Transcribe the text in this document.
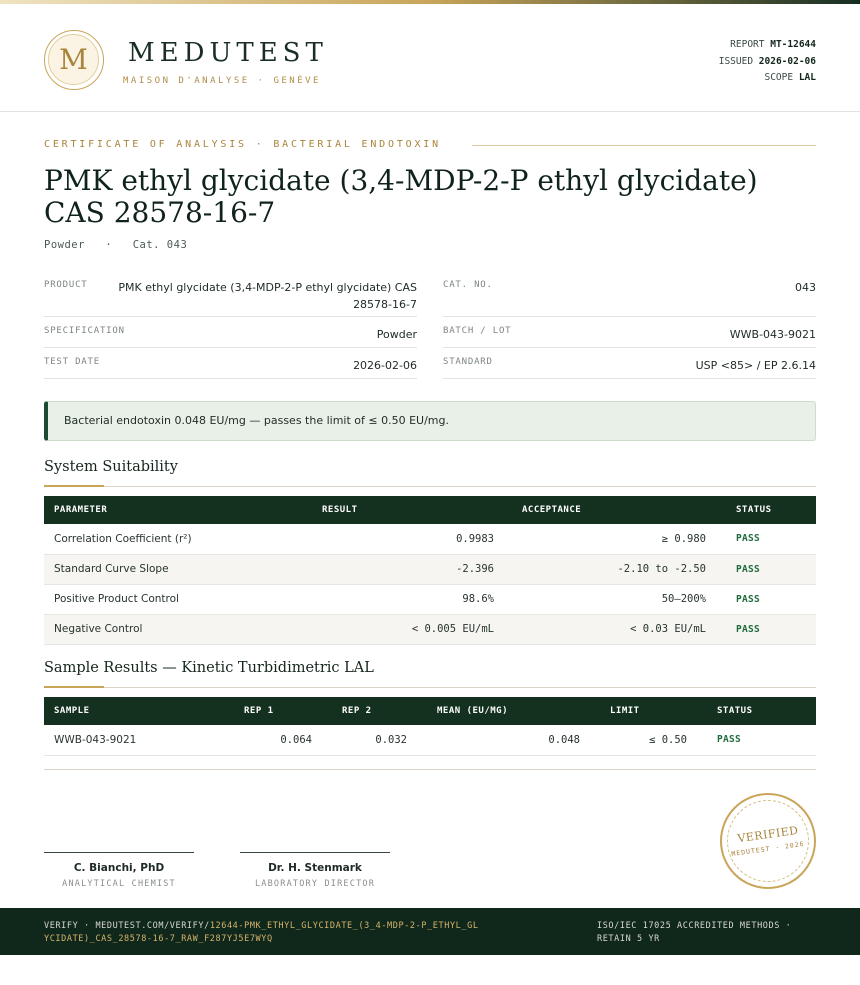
M	MEDUTEST
MAISON D'ANALYSE · GENÈVE
REPORT MT-12644
ISSUED 2026-02-06
SCOPE LAL
CERTIFICATE OF ANALYSIS · BACTERIAL ENDOTOXIN
PMK ethyl glycidate (3,4-MDP-2-P ethyl glycidate) CAS 28578-16-7
Powder · Cat. 043
PRODUCT	PMK ethyl glycidate (3,4-MDP-2-P ethyl glycidate) CAS 28578-16-7
SPECIFICATION	Powder
TEST DATE	2026-02-06
CAT. NO.	043
BATCH / LOT	WWB-043-9021
STANDARD	USP <85> / EP 2.6.14
Bacterial endotoxin 0.048 EU/mg — passes the limit of ≤ 0.50 EU/mg.
System Suitability
PARAMETER	RESULT	ACCEPTANCE	STATUS
Correlation Coefficient (r²)	0.9983	≥ 0.980	PASS
Standard Curve Slope	-2.396	-2.10 to -2.50	PASS
Positive Product Control	98.6%	50–200%	PASS
Negative Control	< 0.005 EU/mL	< 0.03 EU/mL	PASS
Sample Results — Kinetic Turbidimetric LAL
SAMPLE	REP 1	REP 2	MEAN (EU/MG)	LIMIT	STATUS
WWB-043-9021	0.064	0.032	0.048	≤ 0.50	PASS
C. Bianchi, PhD
ANALYTICAL CHEMIST
Dr. H. Stenmark
LABORATORY DIRECTOR
VERIFIED
MEDUTEST · 2026
VERIFY · MEDUTEST.COM/VERIFY/12644-PMK_ETHYL_GLYCIDATE_(3_4-MDP-2-P_ETHYL_GLYCIDATE)_CAS_28578-16-7_RAW_F287YJ5E7WYQ
ISO/IEC 17025 ACCREDITED METHODS · RETAIN 5 YR
